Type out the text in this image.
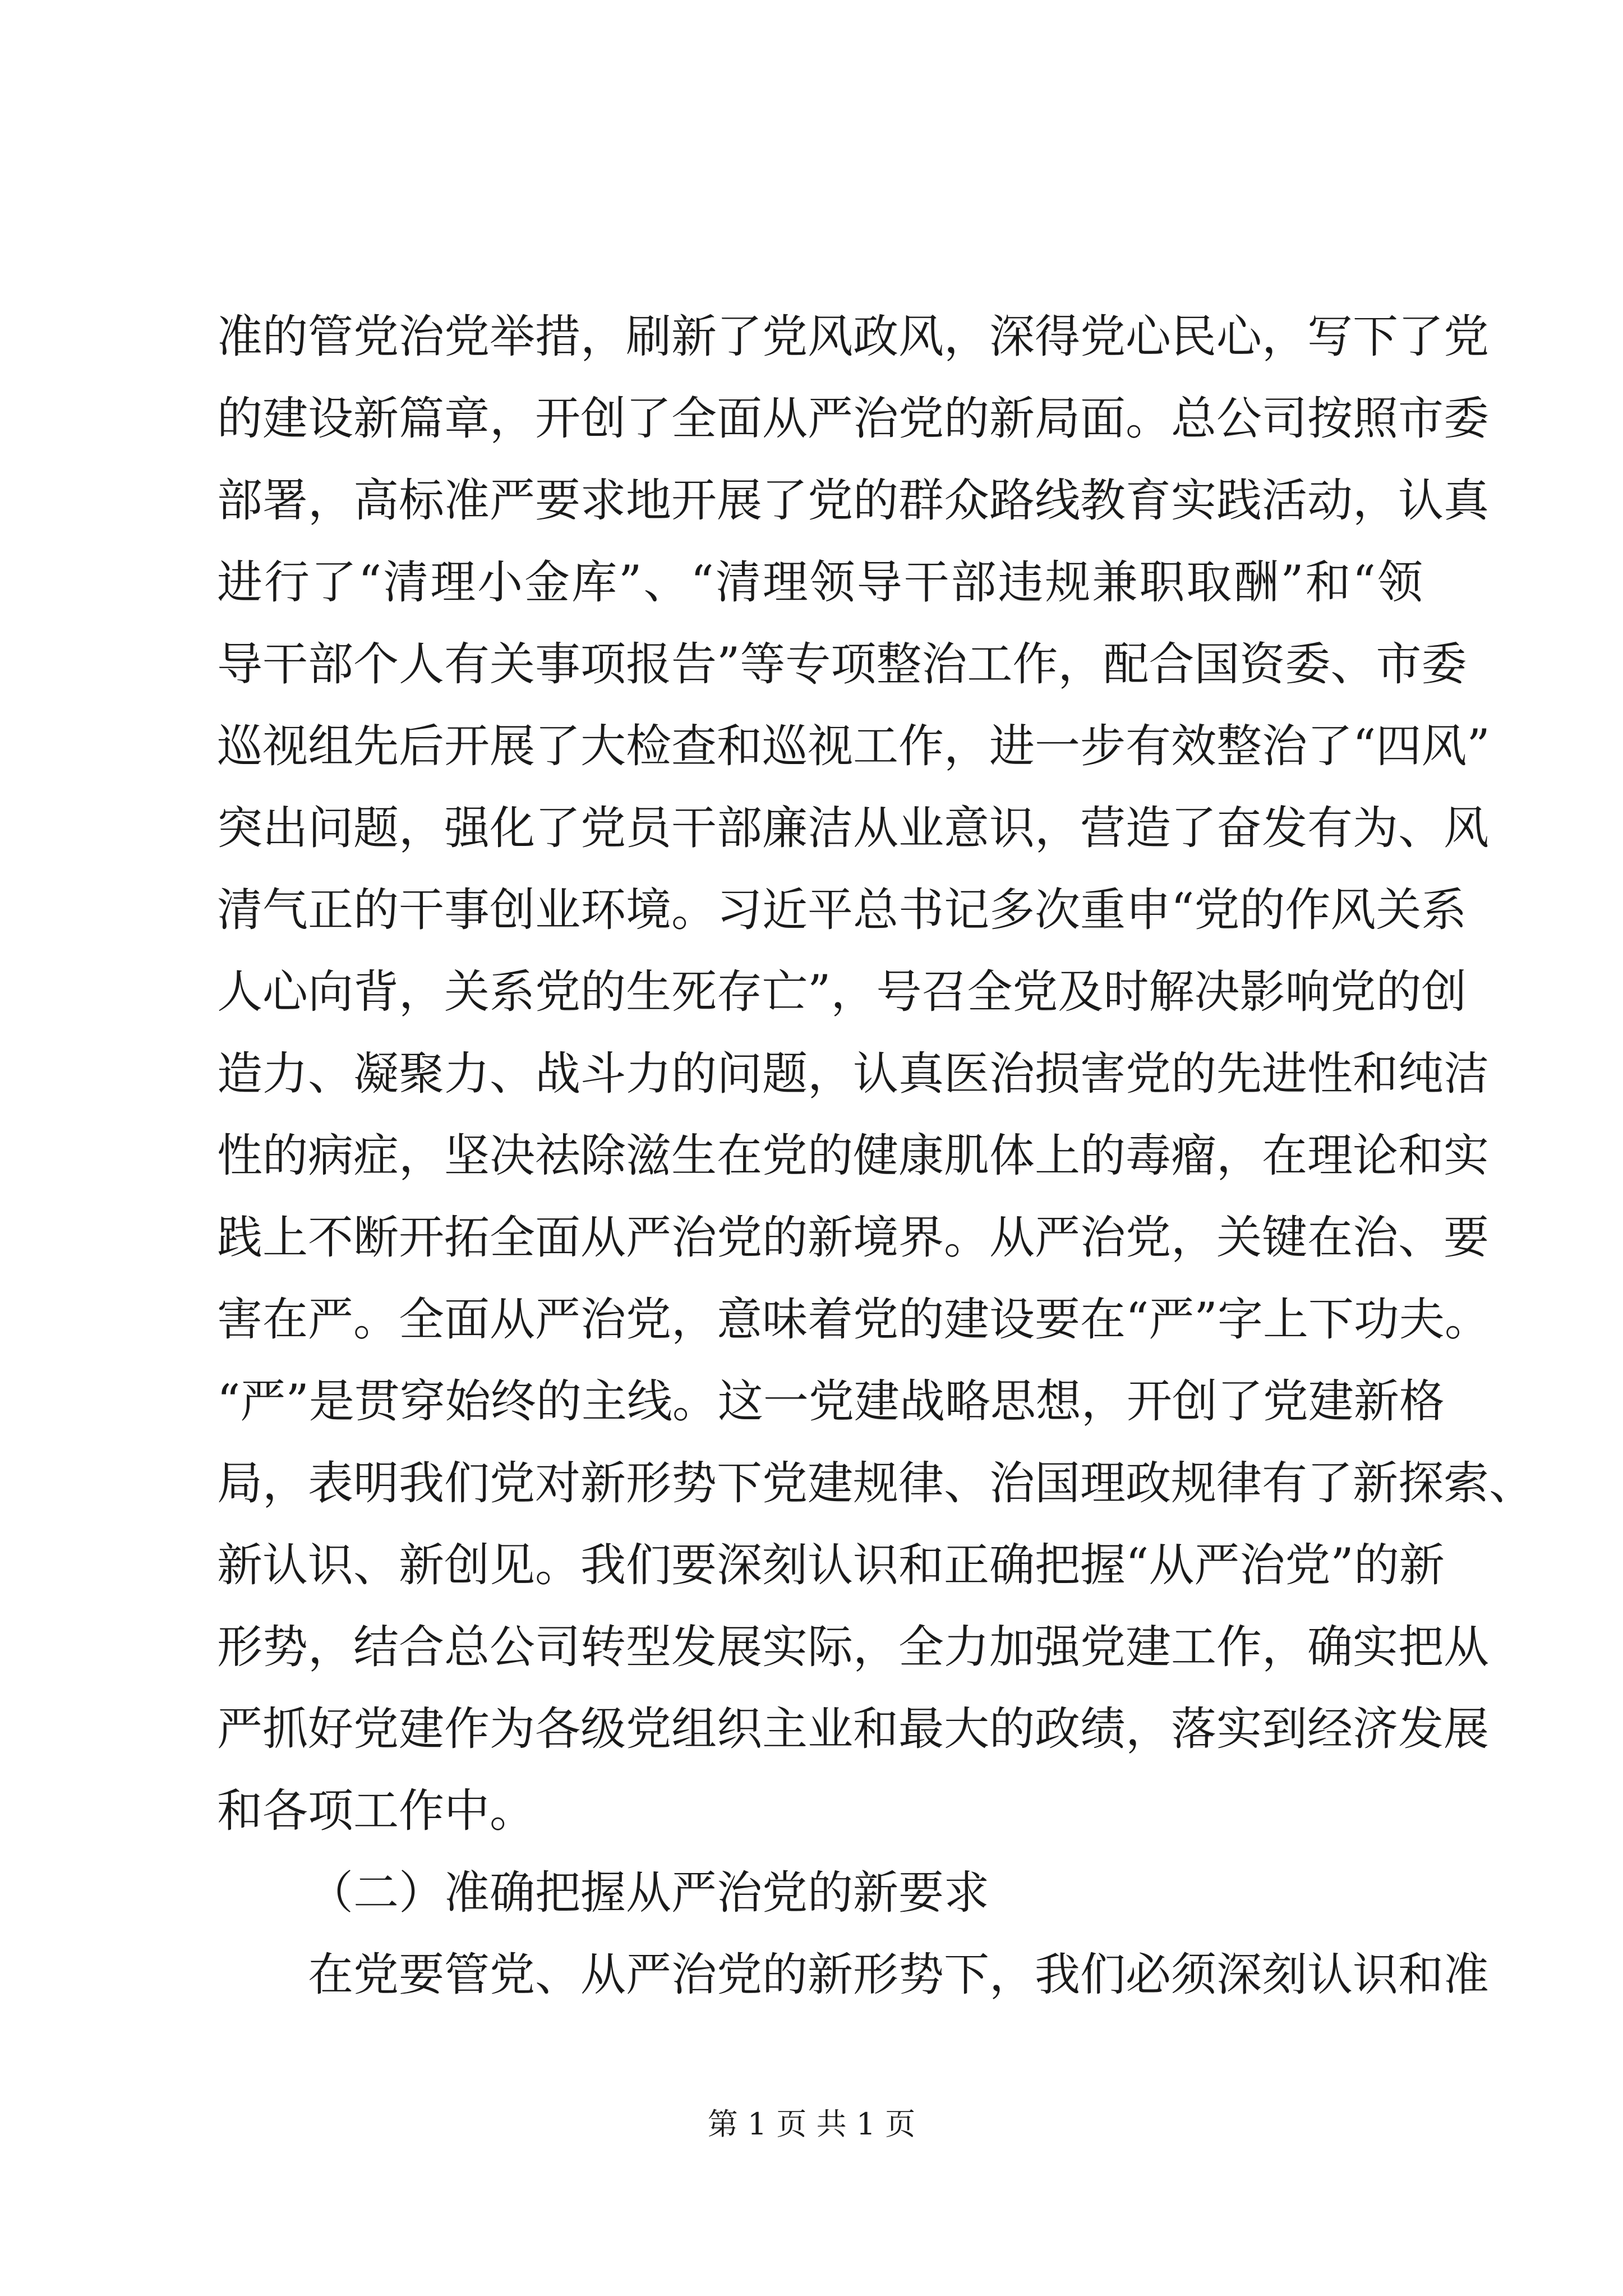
准的管党治党举措，刷新了党风政风，深得党心民心，写下了党
的建设新篇章，开创了全面从严治党的新局面。总公司按照市委
部署，高标准严要求地开展了党的群众路线教育实践活动，认真
进行了“清理小金库”、“清理领导干部违规兼职取酬”和“领
导干部个人有关事项报告”等专项整治工作，配合国资委、市委
巡视组先后开展了大检查和巡视工作，进一步有效整治了“四风”
突出问题，强化了党员干部廉洁从业意识，营造了奋发有为、风
清气正的干事创业环境。习近平总书记多次重申“党的作风关系
人心向背，关系党的生死存亡”，号召全党及时解决影响党的创
造力、凝聚力、战斗力的问题，认真医治损害党的先进性和纯洁
性的病症，坚决祛除滋生在党的健康肌体上的毒瘤，在理论和实
践上不断开拓全面从严治党的新境界。从严治党，关键在治、要
害在严。全面从严治党，意味着党的建设要在“严”字上下功夫。
“严”是贯穿始终的主线。这一党建战略思想，开创了党建新格
局，表明我们党对新形势下党建规律、治国理政规律有了新探索、
新认识、新创见。我们要深刻认识和正确把握“从严治党”的新
形势，结合总公司转型发展实际，全力加强党建工作，确实把从
严抓好党建作为各级党组织主业和最大的政绩，落实到经济发展
和各项工作中。
（二）准确把握从严治党的新要求
在党要管党、从严治党的新形势下，我们必须深刻认识和准
第 1 页 共 1 页
